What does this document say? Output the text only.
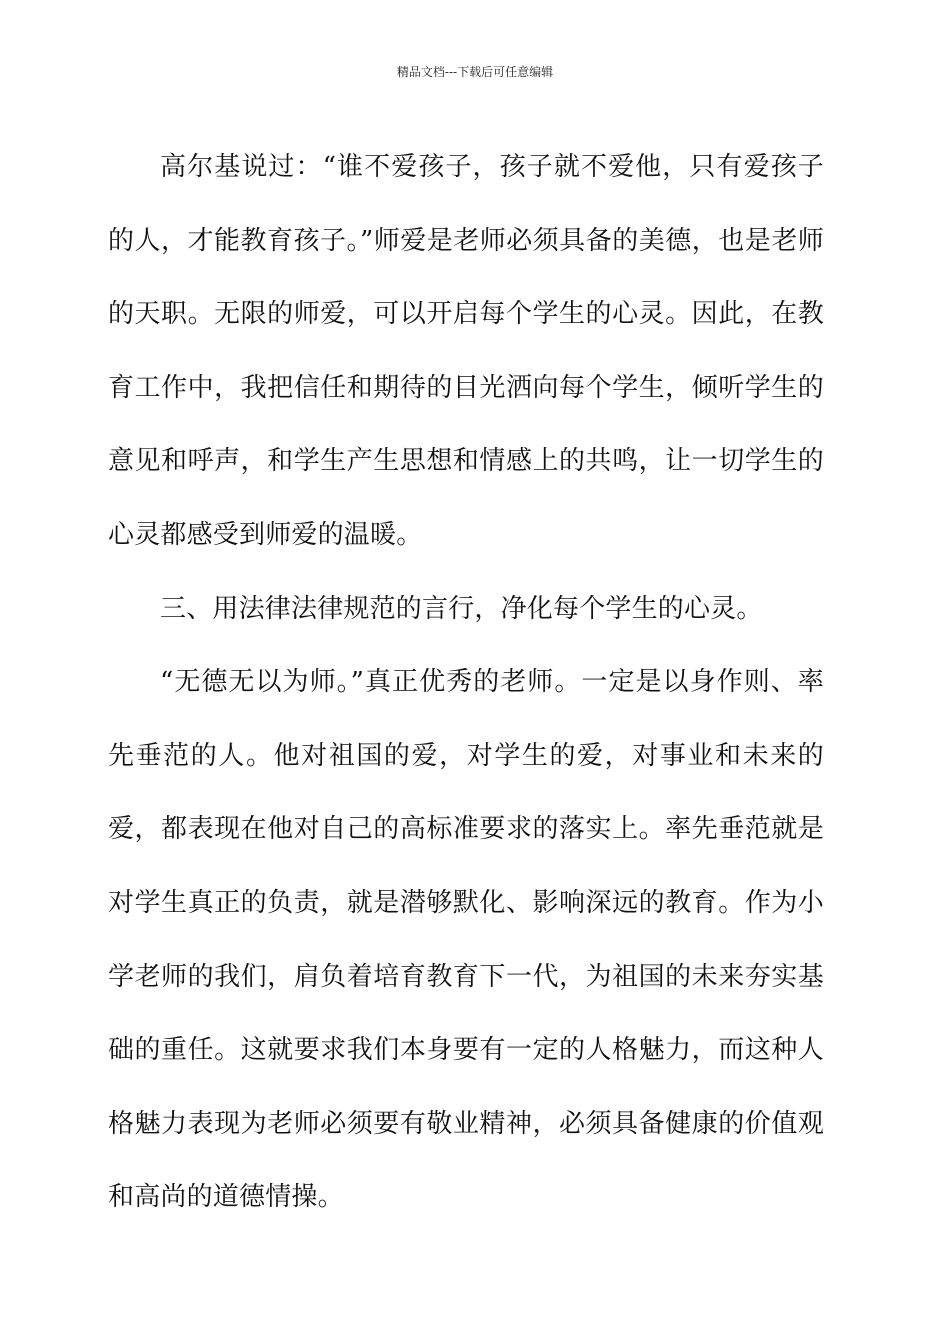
精品文档---下载后可任意编辑

高尔基说过：“谁不爱孩子，孩子就不爱他，只有爱孩子的人，才能教育孩子。”师爱是老师必须具备的美德，也是老师的天职。无限的师爱，可以开启每个学生的心灵。因此，在教育工作中，我把信任和期待的目光洒向每个学生，倾听学生的意见和呼声，和学生产生思想和情感上的共鸣，让一切学生的心灵都感受到师爱的温暖。

三、用法律法律规范的言行，净化每个学生的心灵。

“无德无以为师。”真正优秀的老师。一定是以身作则、率先垂范的人。他对祖国的爱，对学生的爱，对事业和未来的爱，都表现在他对自己的高标准要求的落实上。率先垂范就是对学生真正的负责，就是潜够默化、影响深远的教育。作为小学老师的我们，肩负着培育教育下一代，为祖国的未来夯实基础的重任。这就要求我们本身要有一定的人格魅力，而这种人格魅力表现为老师必须要有敬业精神，必须具备健康的价值观和高尚的道德情操。
